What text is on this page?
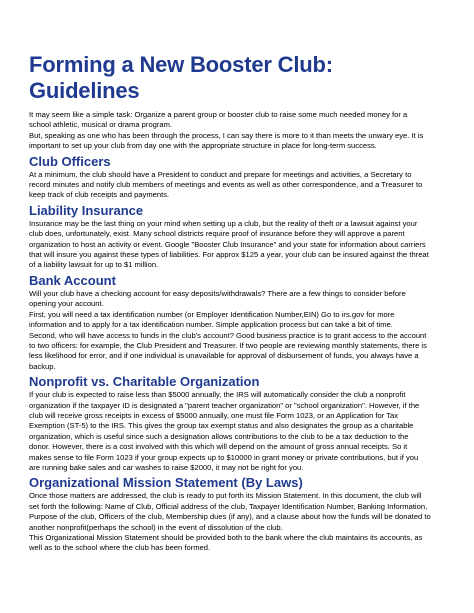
Forming a New Booster Club: Guidelines

It may seem like a simple task: Organize a parent group or booster club to raise some much needed money for a school athletic, musical or drama program.

But, speaking as one who has been through the process, I can say there is more to it than meets the unwary eye. It is important to set up your club from day one with the appropriate structure in place for long-term success.

Club Officers

At a minimum, the club should have a President to conduct and prepare for meetings and activities, a Secretary to record minutes and notify club members of meetings and events as well as other correspondence, and a Treasurer to keep track of club receipts and payments.

Liability Insurance

Insurance may be the last thing on your mind when setting up a club, but the reality of theft or a lawsuit against your club does, unfortunately, exist. Many school districts require proof of insurance before they will approve a parent organization to host an activity or event. Google "Booster Club Insurance" and your state for information about carriers that will insure you against these types of liabilities. For approx $125 a year, your club can be insured against the threat of a liability lawsuit for up to $1 million.

Bank Account

Will your club have a checking account for easy deposits/withdrawals? There are a few things to consider before opening your account.

First, you will need a tax identification number (or Employer Identification Number,EIN) Go to irs.gov for more information and to apply for a tax identification number. Simple application process but can take a bit of time.

Second, who will have access to funds in the club's account? Good business practice is to grant access to the account to two officers: for example, the Club President and Treasurer. If two people are reviewing monthly statements, there is less likelihood for error, and if one individual is unavailable for approval of disbursement of funds, you always have a backup.

Nonprofit vs. Charitable Organization

If your club is expected to raise less than $5000 annually, the IRS will automatically consider the club a nonprofit organization if the taxpayer ID is designated a "parent teacher organization" or "school organization". However, if the club will receive gross receipts in excess of $5000 annually, one must file Form 1023, or an Application for Tax Exemption (ST-5) to the IRS. This gives the group tax exempt status and also designates the group as a charitable organization, which is useful since such a designation allows contributions to the club to be a tax deduction to the donor. However, there is a cost involved with this which will depend on the amount of gross annual receipts. So it makes sense to file Form 1023 if your group expects up to $10000 in grant money or private contributions, but if you are running bake sales and car washes to raise $2000, it may not be right for you.

Organizational Mission Statement (By Laws)

Once those matters are addressed, the club is ready to put forth its Mission Statement. In this document, the club will set forth the following: Name of Club, Official address of the club, Taxpayer Identification Number, Banking Information, Purpose of the club, Officers of the club, Membership dues (if any), and a clause about how the funds will be donated to another nonprofit(perhaps the school) in the event of dissolution of the club.

This Organizational Mission Statement should be provided both to the bank where the club maintains its accounts, as well as to the school where the club has been formed.
